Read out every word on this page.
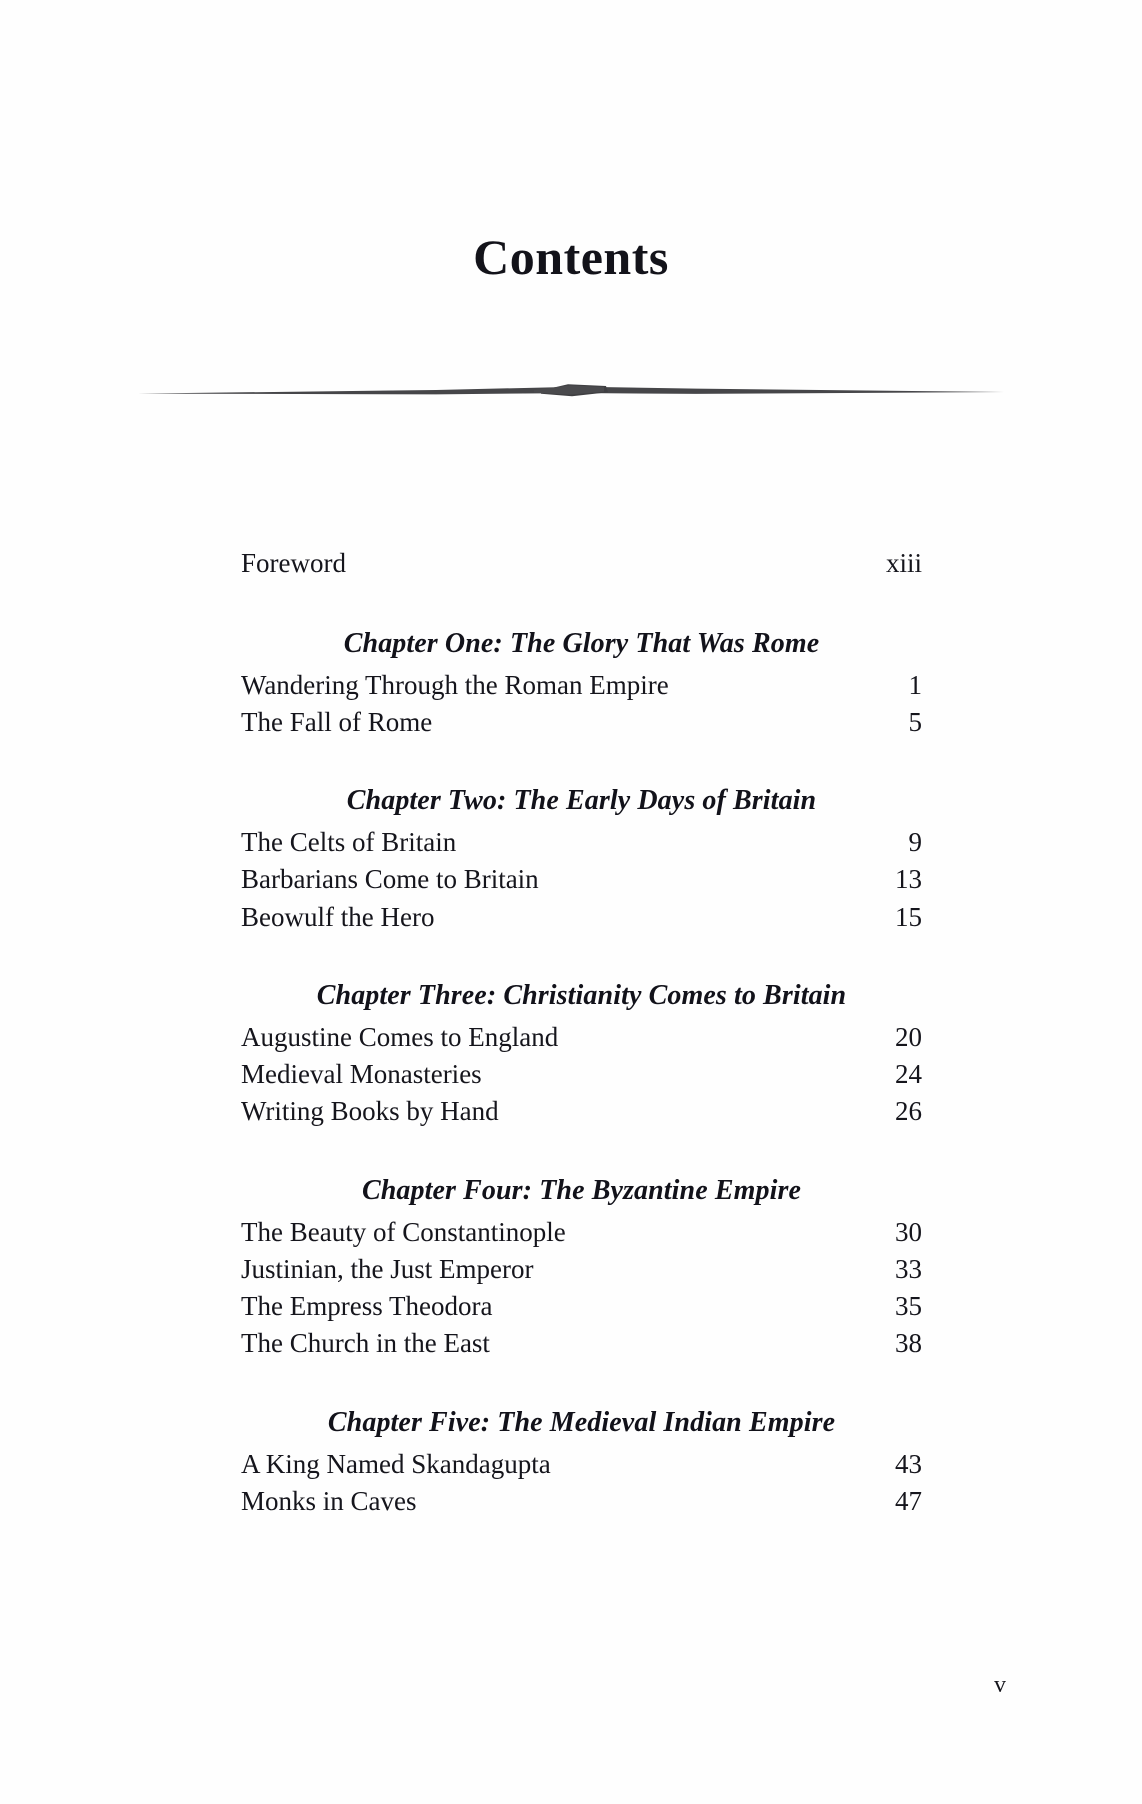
Contents
Foreword	xiii
Chapter One: The Glory That Was Rome
Wandering Through the Roman Empire	1
The Fall of Rome	5
Chapter Two: The Early Days of Britain
The Celts of Britain	9
Barbarians Come to Britain	13
Beowulf the Hero	15
Chapter Three: Christianity Comes to Britain
Augustine Comes to England	20
Medieval Monasteries	24
Writing Books by Hand	26
Chapter Four: The Byzantine Empire
The Beauty of Constantinople	30
Justinian, the Just Emperor	33
The Empress Theodora	35
The Church in the East	38
Chapter Five: The Medieval Indian Empire
A King Named Skandagupta	43
Monks in Caves	47
v
